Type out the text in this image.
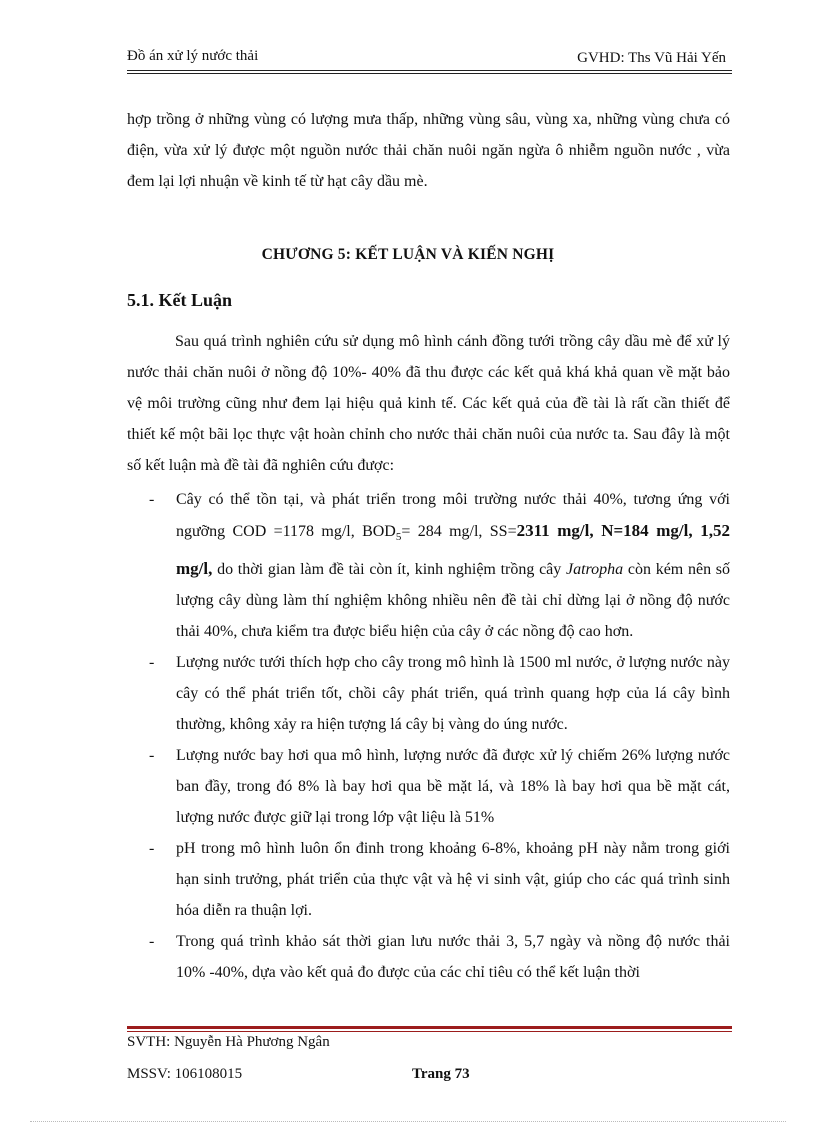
Đồ án xử lý nước thải	GVHD: Ths Vũ Hải Yến
hợp trồng ở những vùng có lượng mưa thấp, những vùng sâu, vùng xa, những vùng chưa có điện, vừa xử lý được một nguồn nước thải chăn nuôi ngăn ngừa ô nhiễm nguồn nước , vừa đem lại lợi nhuận về kinh tế từ hạt cây dầu mè.
CHƯƠNG 5: KẾT LUẬN VÀ KIẾN NGHỊ
5.1. Kết Luận
Sau quá trình nghiên cứu sử dụng mô hình cánh đồng tưới trồng cây dầu mè để xử lý nước thải chăn nuôi ở nồng độ 10%- 40% đã thu được các kết quả khá khả quan về mặt bảo vệ môi trường cũng như đem lại hiệu quả kinh tế. Các kết quả của đề tài là rất cần thiết để thiết kế một bãi lọc thực vật hoàn chỉnh cho nước thải chăn nuôi của nước ta. Sau đây là một số kết luận mà đề tài đã nghiên cứu được:
- Cây có thể tồn tại, và phát triển trong môi trường nước thải 40%, tương ứng với ngưỡng COD =1178 mg/l, $BOD_5= 284$ mg/l, SS=2311 mg/l, N=184 mg/l, 1,52 mg/l, do thời gian làm đề tài còn ít, kinh nghiệm trồng cây Jatropha còn kém nên số lượng cây dùng làm thí nghiệm không nhiều nên đề tài chỉ dừng lại ở nồng độ nước thải 40%, chưa kiểm tra được biểu hiện của cây ở các nồng độ cao hơn.
- Lượng nước tưới thích hợp cho cây trong mô hình là 1500 ml nước, ở lượng nước này cây có thể phát triển tốt, chồi cây phát triển, quá trình quang hợp của lá cây bình thường, không xảy ra hiện tượng lá cây bị vàng do úng nước.
- Lượng nước bay hơi qua mô hình, lượng nước đã được xử lý chiếm 26% lượng nước ban đầy, trong đó 8% là bay hơi qua bề mặt lá, và 18% là bay hơi qua bề mặt cát, lượng nước được giữ lại trong lớp vật liệu là 51%
- pH trong mô hình luôn ổn đinh trong khoảng 6-8%, khoảng pH này nằm trong giới hạn sinh trưởng, phát triển của thực vật và hệ vi sinh vật, giúp cho các quá trình sinh hóa diễn ra thuận lợi.
- Trong quá trình khảo sát thời gian lưu nước thải 3, 5,7 ngày và nồng độ nước thải 10% -40%, dựa vào kết quả đo được của các chỉ tiêu có thể kết luận thời
SVTH: Nguyễn Hà Phương Ngân
MSSV: 106108015	Trang 73
